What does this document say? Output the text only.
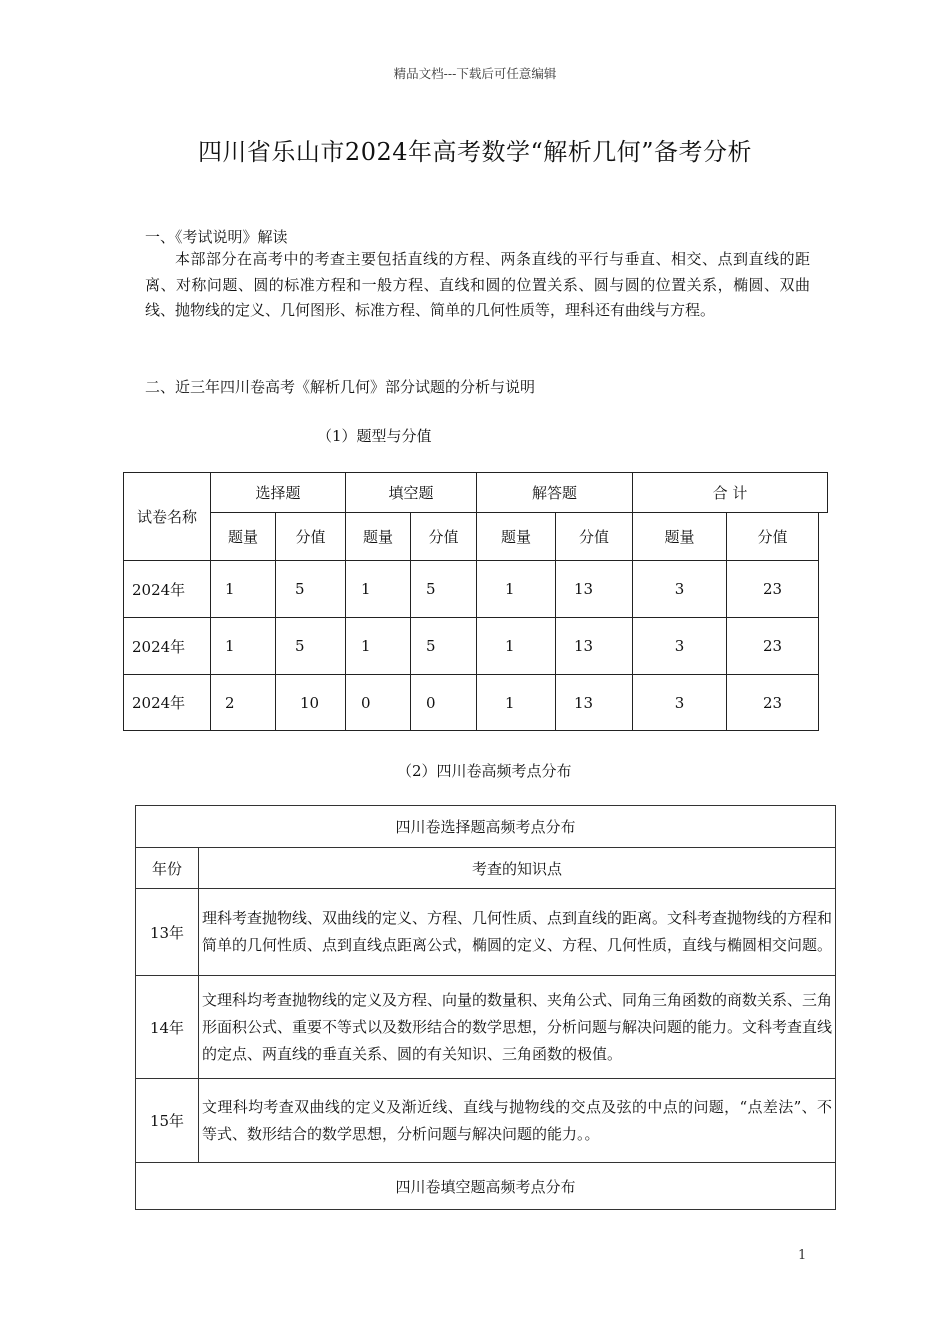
精品文档---下载后可任意编辑
四川省乐山市2024年高考数学“解析几何”备考分析
一、《考试说明》解读
本部部分在高考中的考查主要包括直线的方程、两条直线的平行与垂直、相交、点到直线的距离、对称问题、圆的标准方程和一般方程、直线和圆的位置关系、圆与圆的位置关系，椭圆、双曲线、抛物线的定义、几何图形、标准方程、简单的几何性质等，理科还有曲线与方程。
二、近三年四川卷高考《解析几何》部分试题的分析与说明
（1）题型与分值
试卷名称
选择题	填空题	解答题	合 计
题量	分值	题量	分值	题量	分值	题量	分值
2024年	1	5	1	5	1	13	3	23
2024年	1	5	1	5	1	13	3	23
2024年	2	10	0	0	1	13	3	23
（2）四川卷高频考点分布
四川卷选择题高频考点分布	
年份	考查的知识点
13年	理科考查抛物线、双曲线的定义、方程、几何性质、点到直线的距离。文科考查抛物线的方程和简单的几何性质、点到直线点距离公式，椭圆的定义、方程、几何性质，直线与椭圆相交问题。
14年	文理科均考查抛物线的定义及方程、向量的数量积、夹角公式、同角三角函数的商数关系、三角形面积公式、重要不等式以及数形结合的数学思想，分析问题与解决问题的能力。文科考查直线的定点、两直线的垂直关系、圆的有关知识、三角函数的极值。
15年	文理科均考查双曲线的定义及渐近线、直线与抛物线的交点及弦的中点的问题，“点差法”、不等式、数形结合的数学思想，分析问题与解决问题的能力。。
四川卷填空题高频考点分布	
1
